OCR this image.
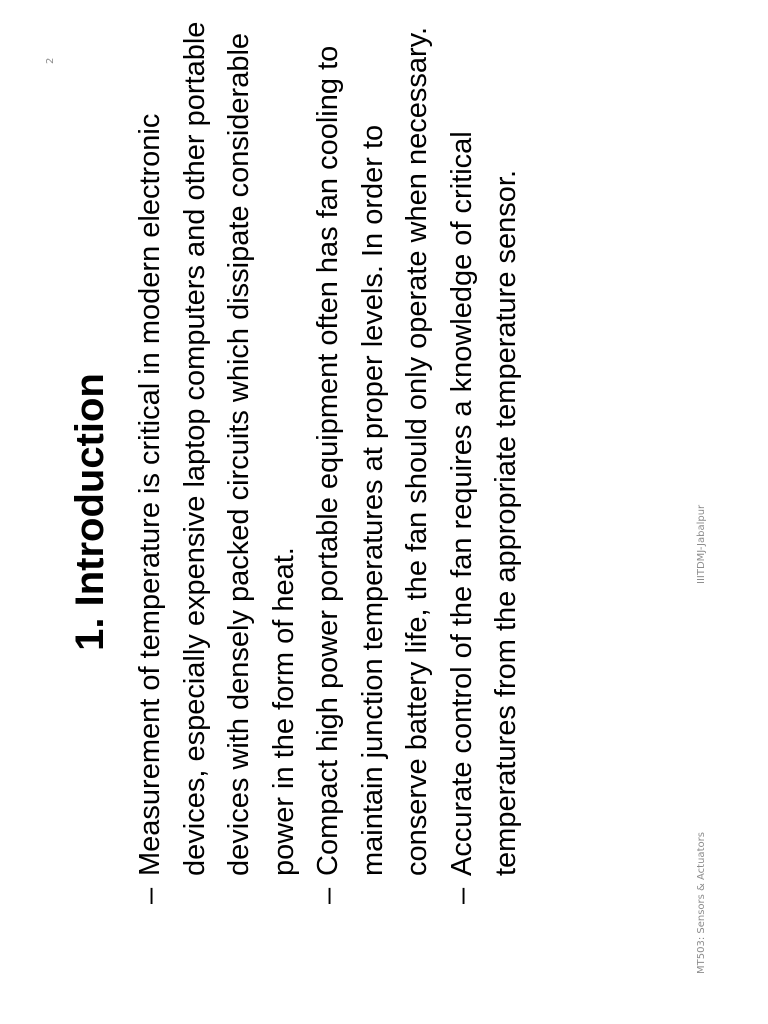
1. Introduction
–
Measurement of temperature is critical in modern electronic devices, especially expensive laptop computers and other portable devices with densely packed circuits which dissipate considerable power in the form of heat.
–
Compact high power portable equipment often has fan cooling to maintain junction temperatures at proper levels. In order to conserve battery life, the fan should only operate when necessary.
–
Accurate control of the fan requires a knowledge of critical temperatures from the appropriate temperature sensor.
MT503: Sensors & Actuators
IIITDMJ-Jabalpur
2
